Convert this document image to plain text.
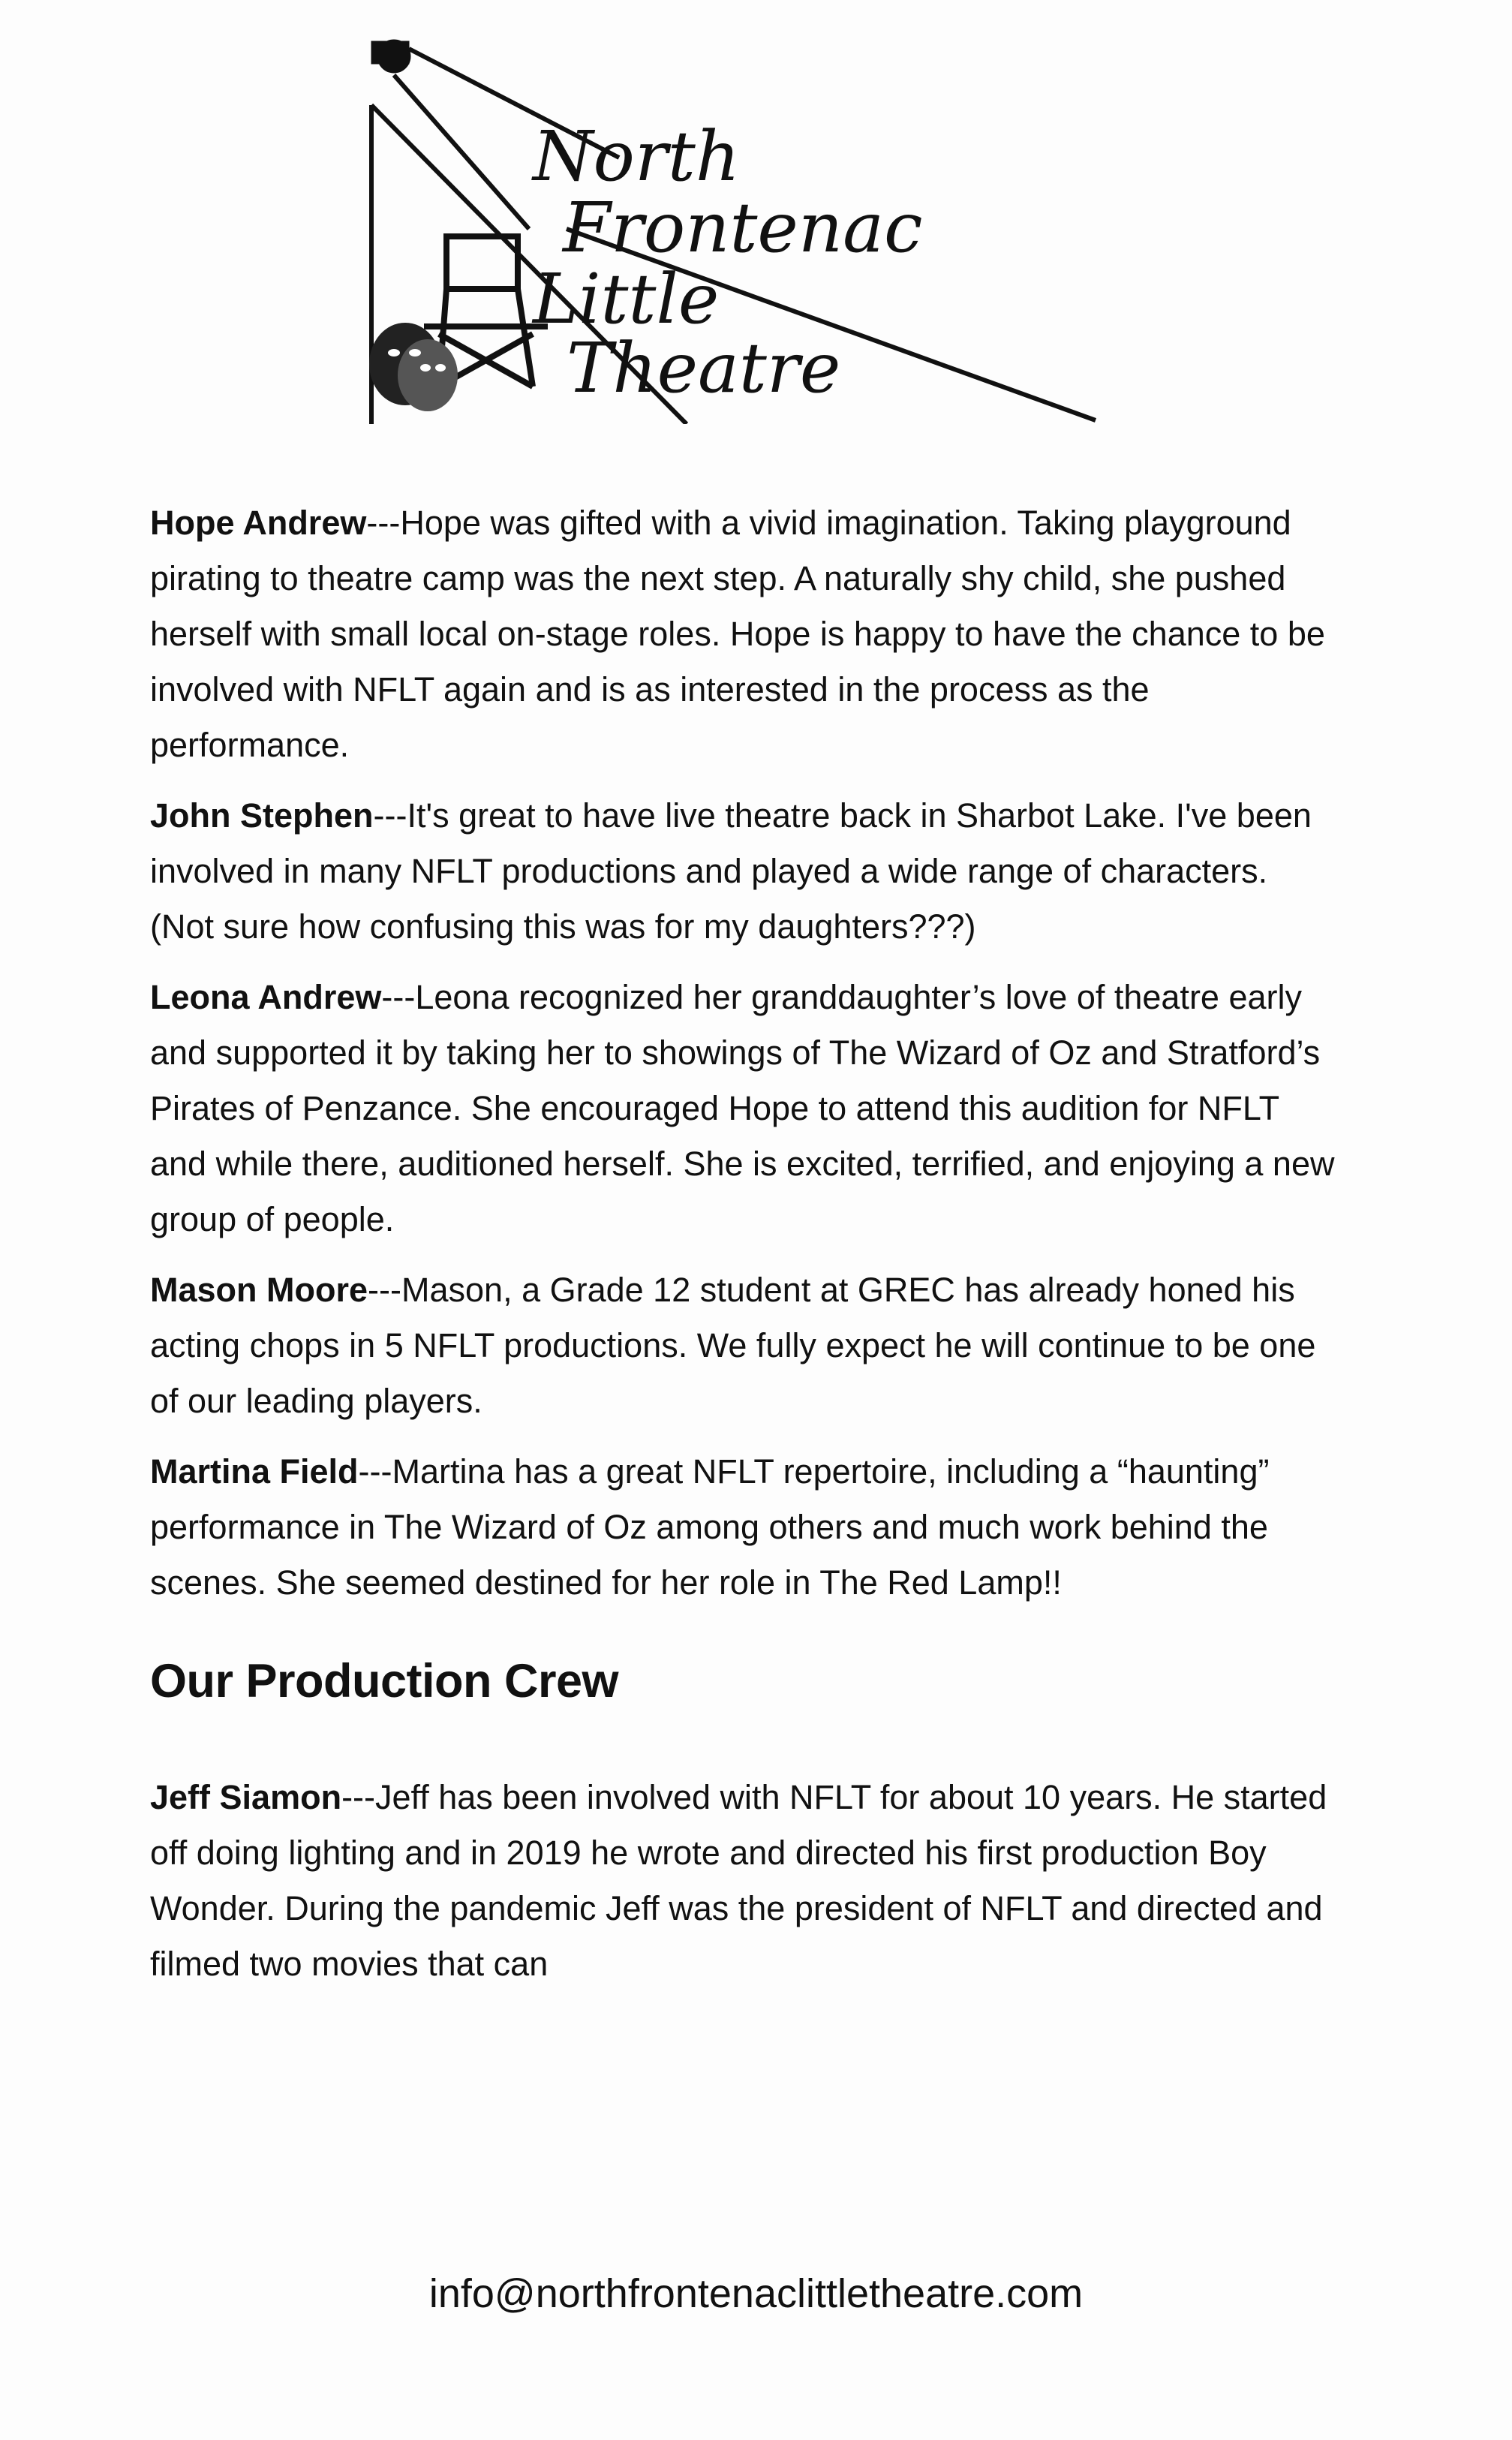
North
Frontenac
Little
Theatre

Hope Andrew---Hope was gifted with a vivid imagination. Taking playground pirating to theatre camp was the next step. A naturally shy child, she pushed herself with small local on-stage roles. Hope is happy to have the chance to be involved with NFLT again and is as interested in the process as the performance.

John Stephen---It's great to have live theatre back in Sharbot Lake. I've been involved in many NFLT productions and played a wide range of characters. (Not sure how confusing this was for my daughters???)

Leona Andrew---Leona recognized her granddaughter’s love of theatre early and supported it by taking her to showings of The Wizard of Oz and Stratford’s Pirates of Penzance. She encouraged Hope to attend this audition for NFLT and while there, auditioned herself. She is excited, terrified, and enjoying a new group of people.

Mason Moore---Mason, a Grade 12 student at GREC has already honed his acting chops in 5 NFLT productions. We fully expect he will continue to be one of our leading players.

Martina Field---Martina has a great NFLT repertoire, including a “haunting” performance in The Wizard of Oz among others and much work behind the scenes. She seemed destined for her role in The Red Lamp!!

Our Production Crew

Jeff Siamon---Jeff has been involved with NFLT for about 10 years. He started off doing lighting and in 2019 he wrote and directed his first production Boy Wonder. During the pandemic Jeff was the president of NFLT and directed and filmed two movies that can

info@northfrontenaclittletheatre.com
